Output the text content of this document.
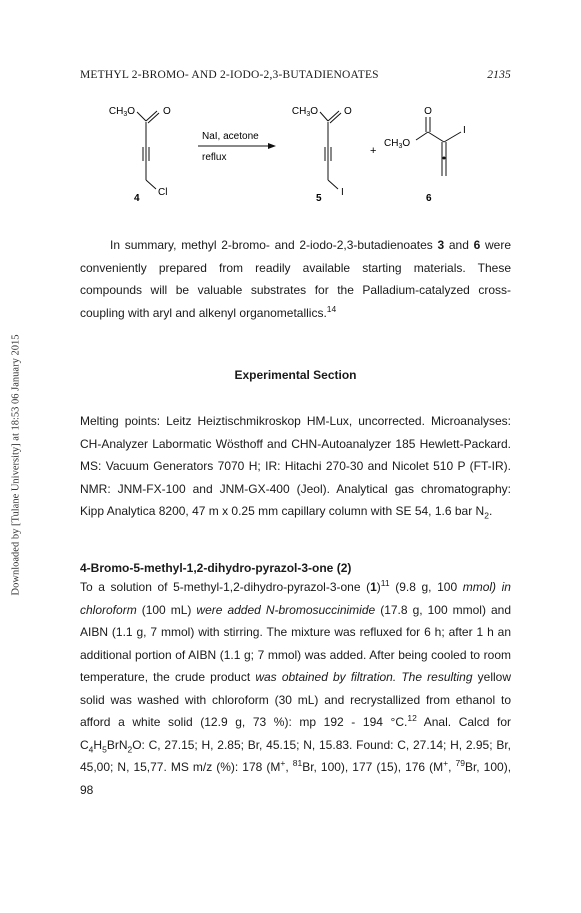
Downloaded by [Tulane University] at 18:53 06 January 2015
METHYL 2-BROMO- AND 2-IODO-2,3-BUTADIENOATES	2135
$CH_3O$	O
Cl
4
NaI, acetone
reflux
$CH_3O$	O
I
5
+
O
$CH_3O$
I
6

In summary, methyl 2-bromo- and 2-iodo-2,3-butadienoates 3 and 6 were conveniently prepared from readily available starting materials. These compounds will be valuable substrates for the Palladium-catalyzed cross-coupling with aryl and alkenyl organometallics.$^{14}$

Experimental Section

Melting points: Leitz Heiztischmikroskop HM-Lux, uncorrected. Microanalyses: CH-Analyzer Labormatic Wösthoff and CHN-Autoanalyzer 185 Hewlett-Packard. MS: Vacuum Generators 7070 H; IR: Hitachi 270-30 and Nicolet 510 P (FT-IR). NMR: JNM-FX-100 and JNM-GX-400 (Jeol). Analytical gas chromatography: Kipp Analytica 8200, 47 m x 0.25 mm capillary column with SE 54, 1.6 bar $N_2$.

4-Bromo-5-methyl-1,2-dihydro-pyrazol-3-one (2)

To a solution of 5-methyl-1,2-dihydro-pyrazol-3-one $(1)^{11}$ (9.8 g, 100 mmol) in chloroform (100 mL) were added N-bromosuccinimide (17.8 g, 100 mmol) and AIBN (1.1 g, 7 mmol) with stirring. The mixture was refluxed for 6 h; after 1 h an additional portion of AIBN (1.1 g; 7 mmol) was added. After being cooled to room temperature, the crude product was obtained by filtration. The resulting yellow solid was washed with chloroform (30 mL) and recrystallized from ethanol to afford a white solid (12.9 g, 73 %): mp 192 - 194 °C.$^{12}$ Anal. Calcd for $C_4H_5BrN_2O$: C, 27.15; H, 2.85; Br, 45.15; N, 15.83. Found: C, 27.14; H, 2.95; Br, 45,00; N, 15,77. MS m/z (%): 178 (M+, $^{81}$Br, 100), 177 (15), 176 (M+, $^{79}$Br, 100), 98
